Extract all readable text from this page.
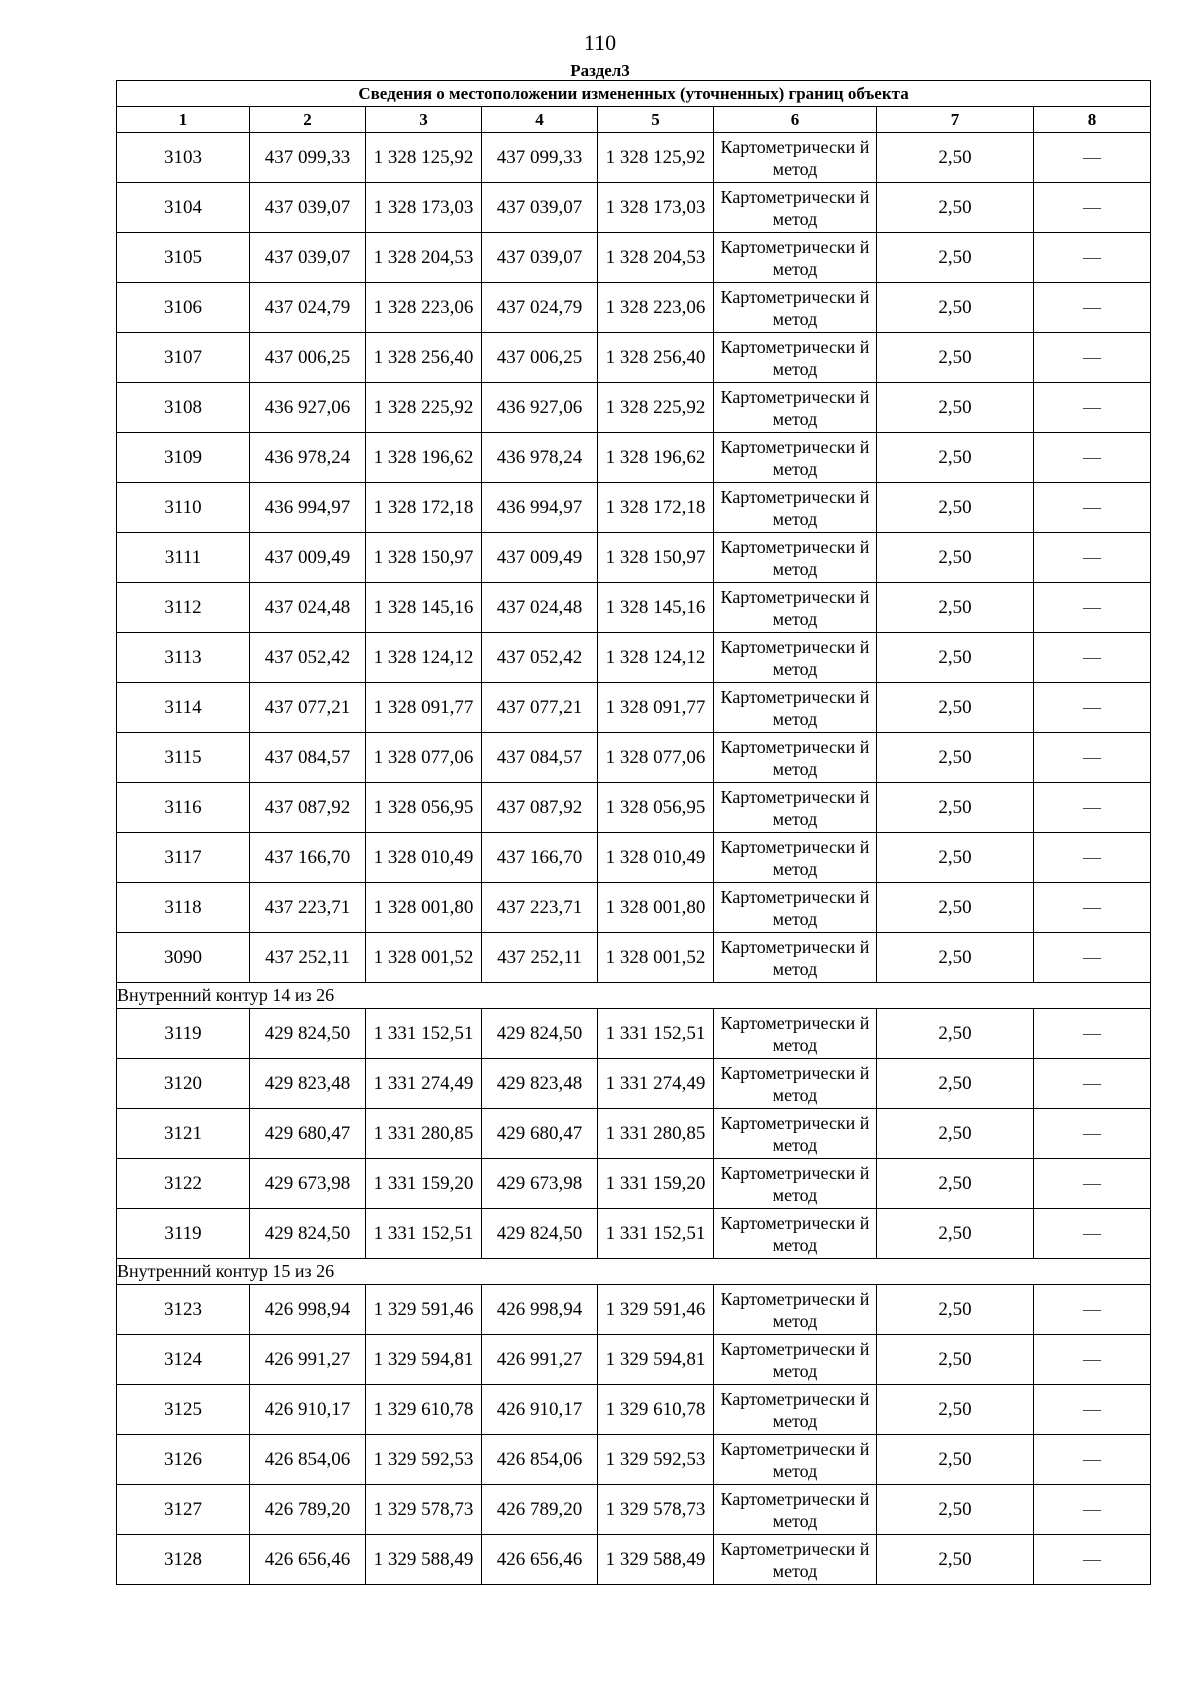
110
Раздел3
Сведения о местоположении измененных (уточненных) границ объекта							
1	2	3	4	5	6	7	8
3103	437 099,33	1 328 125,92	437 099,33	1 328 125,92	Картометрически й метод	2,50	—
3104	437 039,07	1 328 173,03	437 039,07	1 328 173,03	Картометрически й метод	2,50	—
3105	437 039,07	1 328 204,53	437 039,07	1 328 204,53	Картометрически й метод	2,50	—
3106	437 024,79	1 328 223,06	437 024,79	1 328 223,06	Картометрически й метод	2,50	—
3107	437 006,25	1 328 256,40	437 006,25	1 328 256,40	Картометрически й метод	2,50	—
3108	436 927,06	1 328 225,92	436 927,06	1 328 225,92	Картометрически й метод	2,50	—
3109	436 978,24	1 328 196,62	436 978,24	1 328 196,62	Картометрически й метод	2,50	—
3110	436 994,97	1 328 172,18	436 994,97	1 328 172,18	Картометрически й метод	2,50	—
3111	437 009,49	1 328 150,97	437 009,49	1 328 150,97	Картометрически й метод	2,50	—
3112	437 024,48	1 328 145,16	437 024,48	1 328 145,16	Картометрически й метод	2,50	—
3113	437 052,42	1 328 124,12	437 052,42	1 328 124,12	Картометрически й метод	2,50	—
3114	437 077,21	1 328 091,77	437 077,21	1 328 091,77	Картометрически й метод	2,50	—
3115	437 084,57	1 328 077,06	437 084,57	1 328 077,06	Картометрически й метод	2,50	—
3116	437 087,92	1 328 056,95	437 087,92	1 328 056,95	Картометрически й метод	2,50	—
3117	437 166,70	1 328 010,49	437 166,70	1 328 010,49	Картометрически й метод	2,50	—
3118	437 223,71	1 328 001,80	437 223,71	1 328 001,80	Картометрически й метод	2,50	—
3090	437 252,11	1 328 001,52	437 252,11	1 328 001,52	Картометрически й метод	2,50	—
Внутренний контур 14 из 26							
3119	429 824,50	1 331 152,51	429 824,50	1 331 152,51	Картометрически й метод	2,50	—
3120	429 823,48	1 331 274,49	429 823,48	1 331 274,49	Картометрически й метод	2,50	—
3121	429 680,47	1 331 280,85	429 680,47	1 331 280,85	Картометрически й метод	2,50	—
3122	429 673,98	1 331 159,20	429 673,98	1 331 159,20	Картометрически й метод	2,50	—
3119	429 824,50	1 331 152,51	429 824,50	1 331 152,51	Картометрически й метод	2,50	—
Внутренний контур 15 из 26							
3123	426 998,94	1 329 591,46	426 998,94	1 329 591,46	Картометрически й метод	2,50	—
3124	426 991,27	1 329 594,81	426 991,27	1 329 594,81	Картометрически й метод	2,50	—
3125	426 910,17	1 329 610,78	426 910,17	1 329 610,78	Картометрически й метод	2,50	—
3126	426 854,06	1 329 592,53	426 854,06	1 329 592,53	Картометрически й метод	2,50	—
3127	426 789,20	1 329 578,73	426 789,20	1 329 578,73	Картометрически й метод	2,50	—
3128	426 656,46	1 329 588,49	426 656,46	1 329 588,49	Картометрически й метод	2,50	—
